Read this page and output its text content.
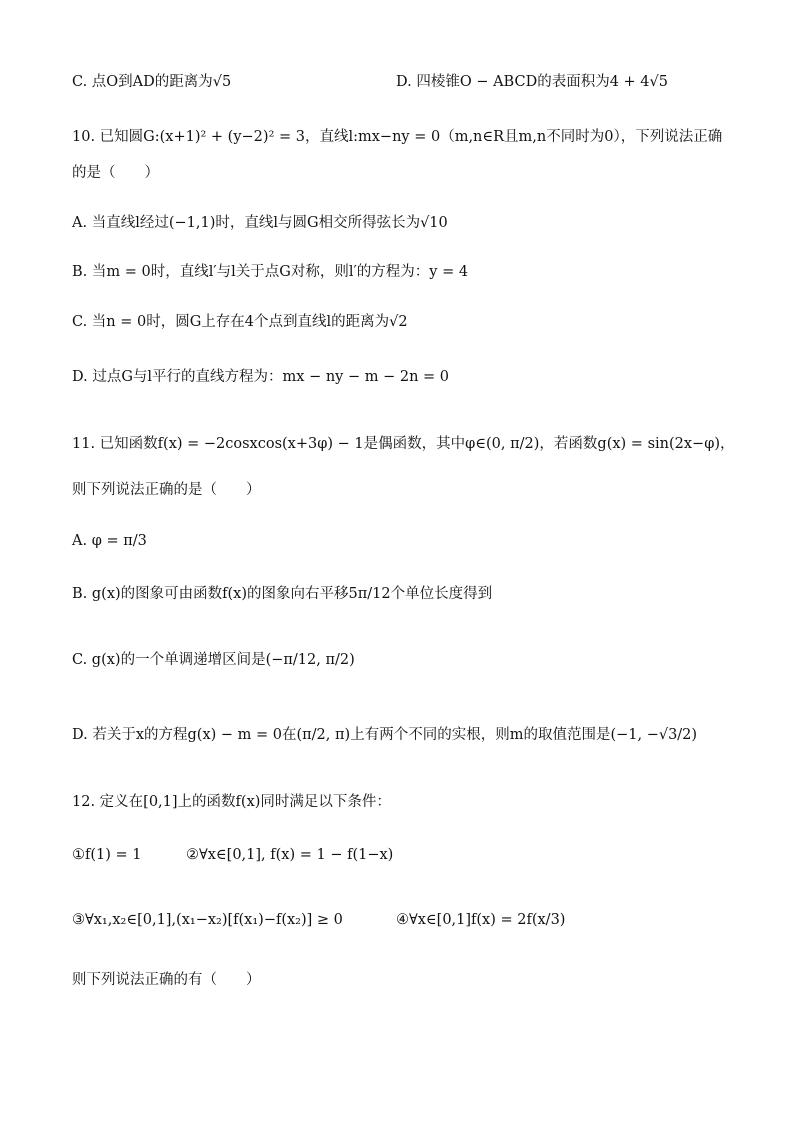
C. 点O到AD的距离为√5	D. 四棱锥O − ABCD的表面积为4 + 4√5
10. 已知圆G:(x+1)² + (y−2)² = 3，直线l:mx−ny = 0（m,n∈R且m,n不同时为0），下列说法正确
的是（　　）
A. 当直线l经过(−1,1)时，直线l与圆G相交所得弦长为√10
B. 当m = 0时，直线l′与l关于点G对称，则l′的方程为：y = 4
C. 当n = 0时，圆G上存在4个点到直线l的距离为√2
D. 过点G与l平行的直线方程为：mx − ny − m − 2n = 0
11. 已知函数f(x) = −2cosxcos(x+3φ) − 1是偶函数，其中φ∈(0, π/2)，若函数g(x) = sin(2x−φ)，
则下列说法正确的是（　　）
A. φ = π/3
B. g(x)的图象可由函数f(x)的图象向右平移5π/12个单位长度得到
C. g(x)的一个单调递增区间是(−π/12, π/2)
D. 若关于x的方程g(x) − m = 0在(π/2, π)上有两个不同的实根，则m的取值范围是(−1, −√3/2)
12. 定义在[0,1]上的函数f(x)同时满足以下条件：
①f(1) = 1	②∀x∈[0,1], f(x) = 1 − f(1−x)
③∀x₁,x₂∈[0,1],(x₁−x₂)[f(x₁)−f(x₂)] ≥ 0	④∀x∈[0,1]f(x) = 2f(x/3)
则下列说法正确的有（　　）
